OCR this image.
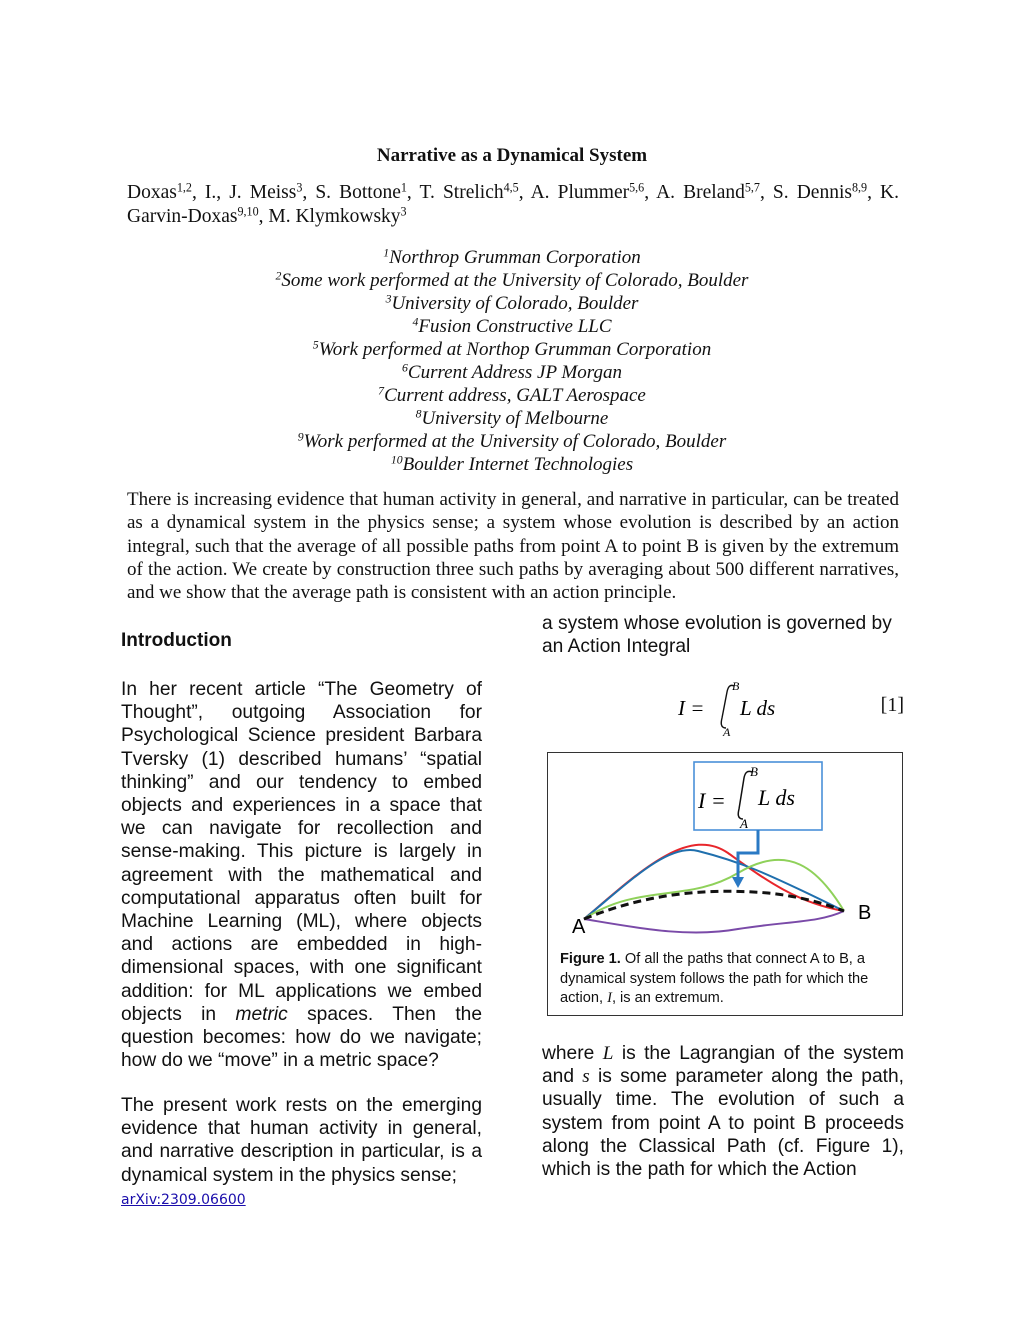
Narrative as a Dynamical System
Doxas$^{1,2}$, I., J. Meiss$^3$, S. Bottone$^1$, T. Strelich$^{4,5}$, A. Plummer$^{5,6}$, A. Breland$^{5,7}$, S. Dennis$^{8,9}$, K. Garvin-Doxas$^{9,10}$, M. Klymkowsky$^3$
$^1$Northrop Grumman Corporation
$^2$Some work performed at the University of Colorado, Boulder
$^3$University of Colorado, Boulder
$^4$Fusion Constructive LLC
$^5$Work performed at Northop Grumman Corporation
$^6$Current Address JP Morgan
$^7$Current address, GALT Aerospace
$^8$University of Melbourne
$^9$Work performed at the University of Colorado, Boulder
$^{10}$Boulder Internet Technologies
There is increasing evidence that human activity in general, and narrative in particular, can be treated as a dynamical system in the physics sense; a system whose evolution is described by an action integral, such that the average of all possible paths from point A to point B is given by the extremum of the action. We create by construction three such paths by averaging about 500 different narratives, and we show that the average path is consistent with an action principle.
Introduction
In her recent article “The Geometry of Thought”, outgoing Association for Psychological Science president Barbara Tversky (1) described humans’ “spatial thinking” and our tendency to embed objects and experiences in a space that we can navigate for recollection and sense-making. This picture is largely in agreement with the mathematical and computational apparatus often built for Machine Learning (ML), where objects and actions are embedded in high-dimensional spaces, with one significant addition: for ML applications we embed objects in metric spaces. Then the question becomes: how do we navigate; how do we “move” in a metric space?
The present work rests on the emerging evidence that human activity in general, and narrative description in particular, is a dynamical system in the physics sense;
arXiv:2309.06600
a system whose evolution is governed by an Action Integral
I =
B
A
L ds	[1]
I =
B
A
L ds
A
B
Figure 1. Of all the paths that connect A to B, a dynamical system follows the path for which the action, I, is an extremum.
where L is the Lagrangian of the system and s is some parameter along the path, usually time. The evolution of such a system from point A to point B proceeds along the Classical Path (cf. Figure 1), which is the path for which the Action
